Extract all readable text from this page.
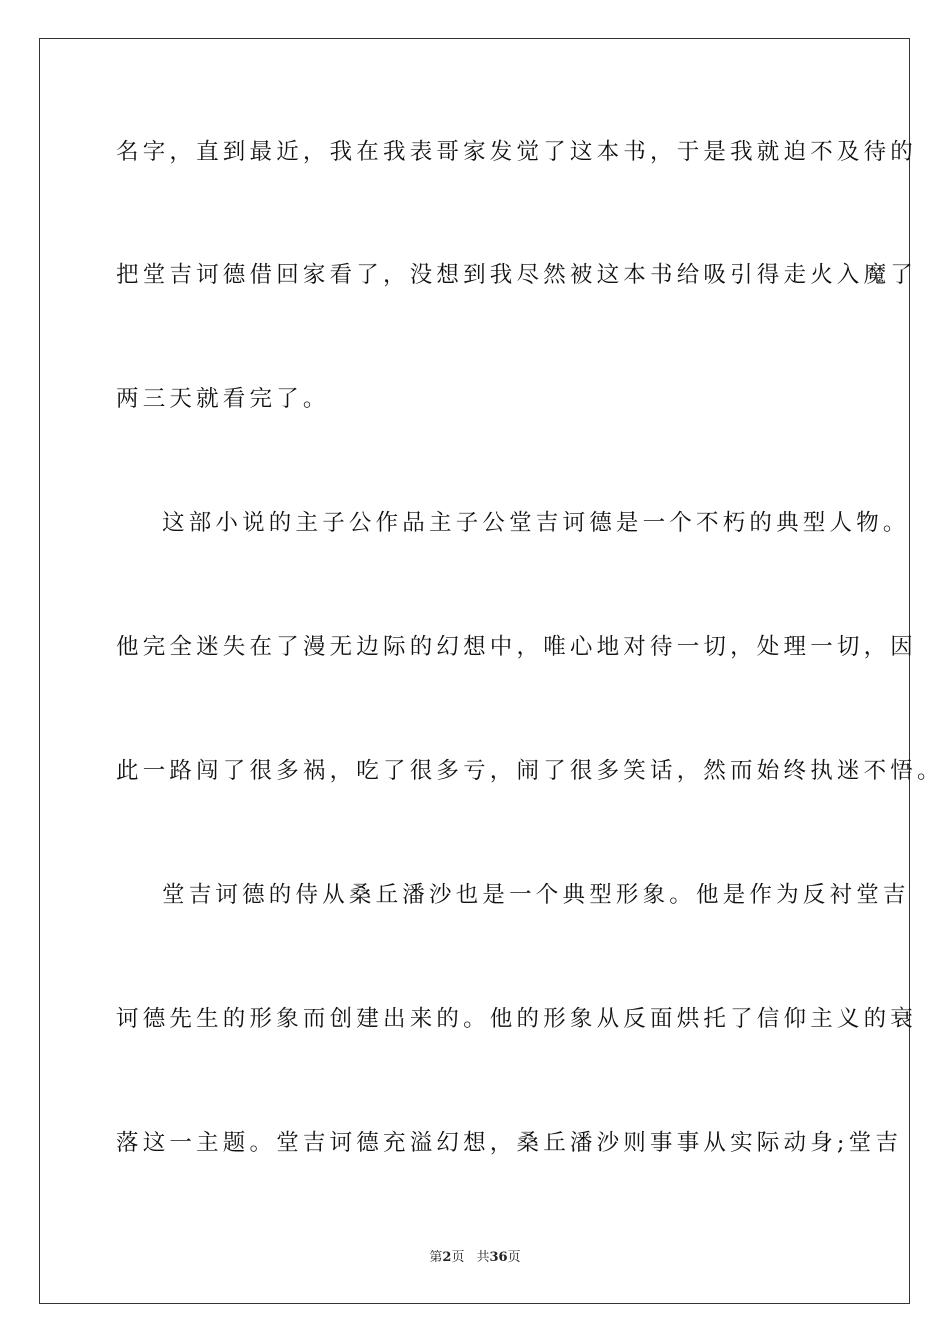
名字，直到最近，我在我表哥家发觉了这本书，于是我就迫不及待的
把堂吉诃德借回家看了，没想到我尽然被这本书给吸引得走火入魔了
两三天就看完了。
这部小说的主子公作品主子公堂吉诃德是一个不朽的典型人物。
他完全迷失在了漫无边际的幻想中，唯心地对待一切，处理一切，因
此一路闯了很多祸，吃了很多亏，闹了很多笑话，然而始终执迷不悟。
堂吉诃德的侍从桑丘潘沙也是一个典型形象。他是作为反衬堂吉
诃德先生的形象而创建出来的。他的形象从反面烘托了信仰主义的衰
落这一主题。堂吉诃德充溢幻想，桑丘潘沙则事事从实际动身;堂吉
第2页 共36页
